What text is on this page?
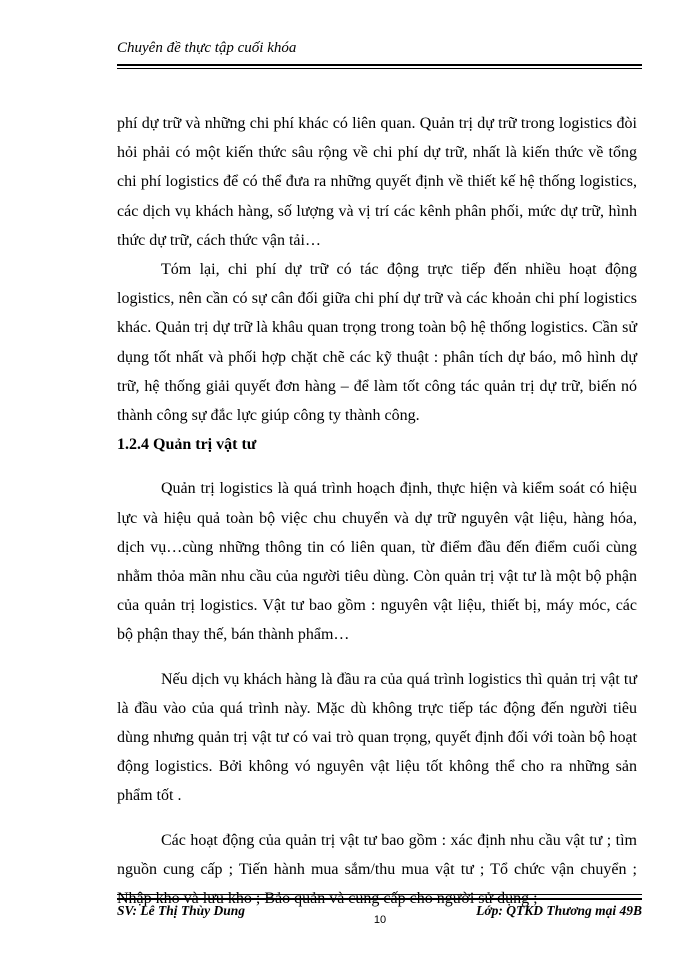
Chuyên đề thực tập cuối khóa

phí dự trữ và những chi phí khác có liên quan. Quản trị dự trữ trong logistics đòi hỏi phải có một kiến thức sâu rộng về chi phí dự trữ, nhất là kiến thức về tổng chi phí logistics để có thể đưa ra những quyết định về thiết kế hệ thống logistics, các dịch vụ khách hàng, số lượng và vị trí các kênh phân phối, mức dự trữ, hình thức dự trữ, cách thức vận tải…

Tóm lại, chi phí dự trữ có tác động trực tiếp đến nhiều hoạt động logistics, nên cần có sự cân đối giữa chi phí dự trữ và các khoản chi phí logistics khác. Quản trị dự trữ là khâu quan trọng trong toàn bộ hệ thống logistics. Cần sử dụng tốt nhất và phối hợp chặt chẽ các kỹ thuật : phân tích dự báo, mô hình dự trữ, hệ thống giải quyết đơn hàng – để làm tốt công tác quản trị dự trữ, biến nó thành công sự đắc lực giúp công ty thành công.

1.2.4 Quản trị vật tư

Quản trị logistics là quá trình hoạch định, thực hiện và kiểm soát có hiệu lực và hiệu quả toàn bộ việc chu chuyển và dự trữ nguyên vật liệu, hàng hóa, dịch vụ…cùng những thông tin có liên quan, từ điểm đầu đến điểm cuối cùng nhằm thỏa mãn nhu cầu của người tiêu dùng. Còn quản trị vật tư là một bộ phận của quản trị logistics. Vật tư bao gồm : nguyên vật liệu, thiết bị, máy móc, các bộ phận thay thế, bán thành phẩm…

Nếu dịch vụ khách hàng là đầu ra của quá trình logistics thì quản trị vật tư là đầu vào của quá trình này. Mặc dù không trực tiếp tác động đến người tiêu dùng nhưng quản trị vật tư có vai trò quan trọng, quyết định đối với toàn bộ hoạt động logistics. Bởi không vó nguyên vật liệu tốt không thể cho ra những sản phẩm tốt .

Các hoạt động của quản trị vật tư bao gồm : xác định nhu cầu vật tư ; tìm nguồn cung cấp ; Tiến hành mua sắm/thu mua vật tư ; Tổ chức vận chuyển ; Nhập kho và lưu kho ; Bảo quản và cung cấp cho người sử dụng ;

SV: Lê Thị Thùy Dung	Lớp: QTKD Thương mại 49B
10
